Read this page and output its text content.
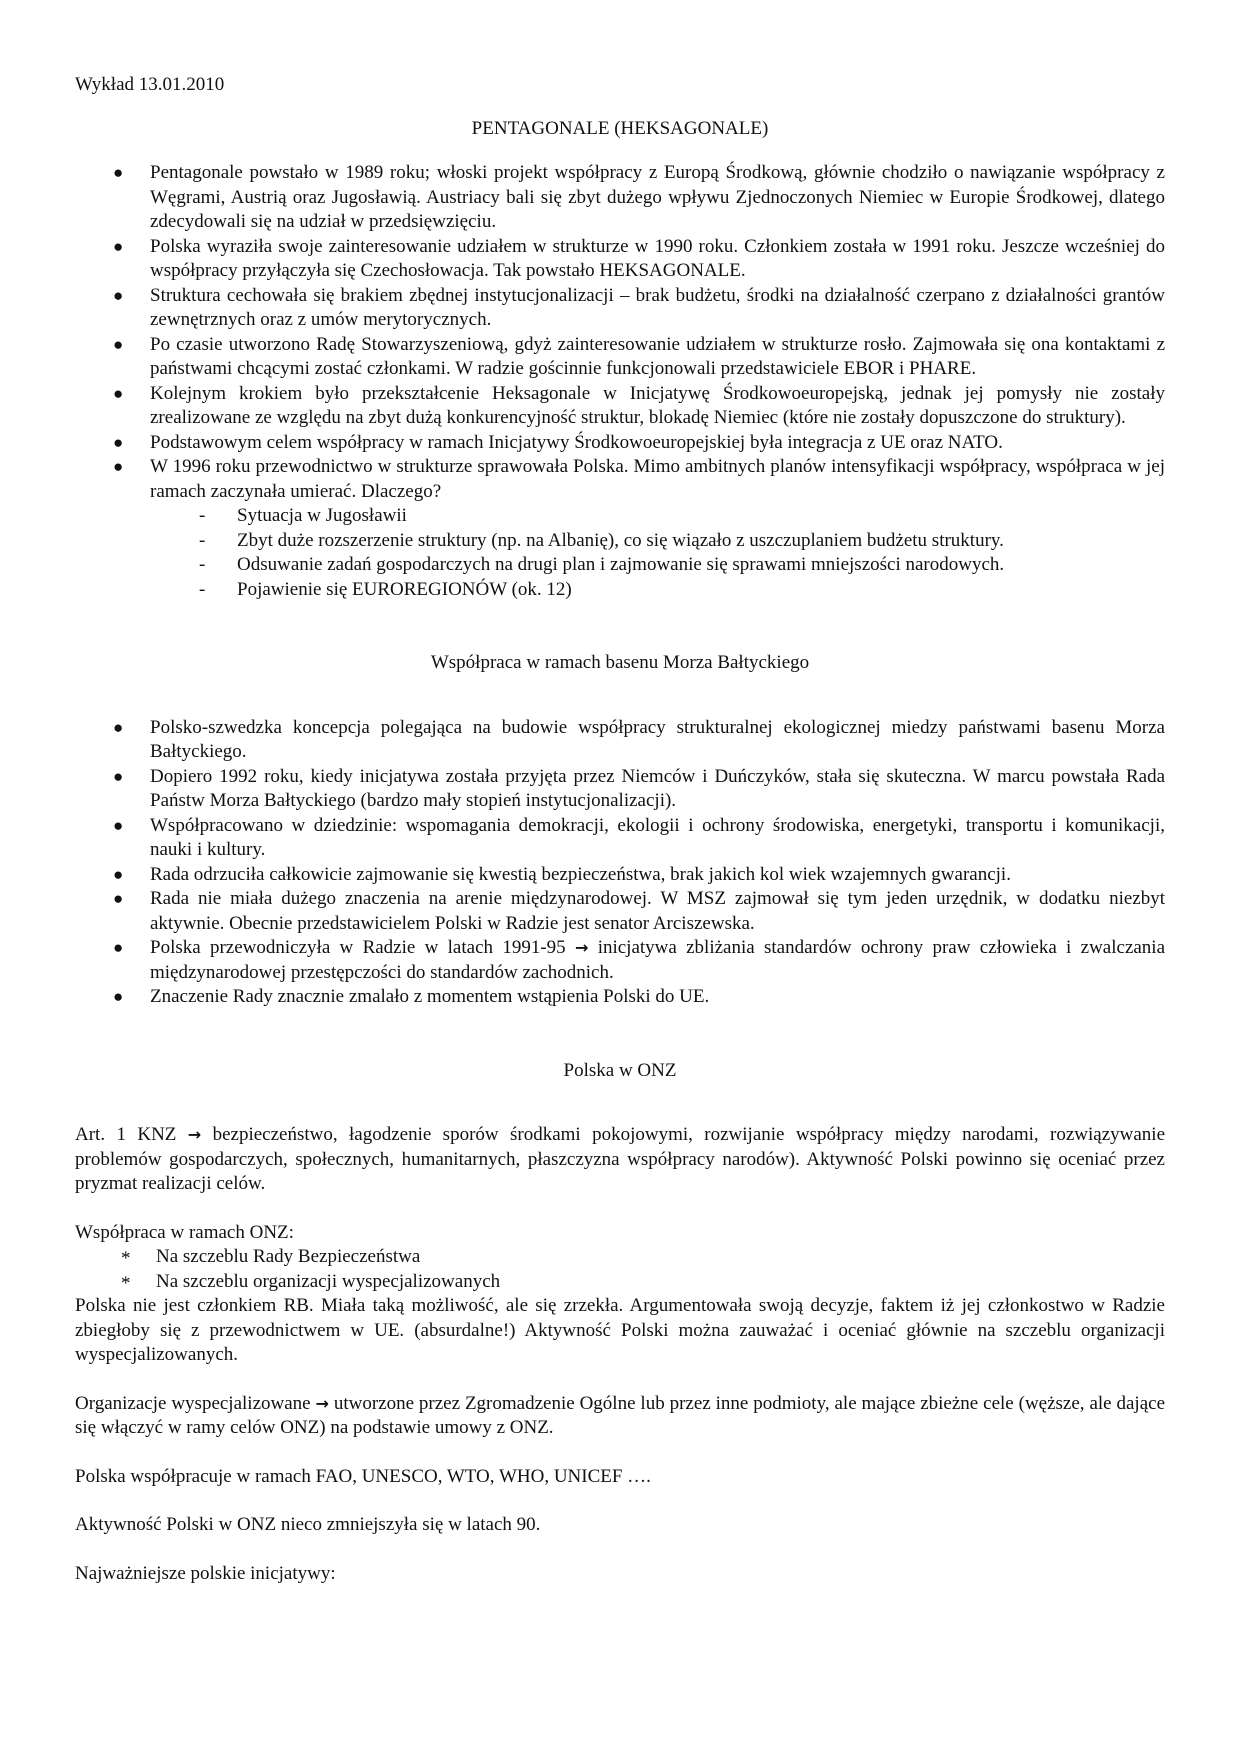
Wykład 13.01.2010
PENTAGONALE (HEKSAGONALE)
● Pentagonale powstało w 1989 roku; włoski projekt współpracy z Europą Środkową, głównie chodziło o nawiązanie współpracy z Węgrami, Austrią oraz Jugosławią. Austriacy bali się zbyt dużego wpływu Zjednoczonych Niemiec w Europie Środkowej, dlatego zdecydowali się na udział w przedsięwzięciu.
● Polska wyraziła swoje zainteresowanie udziałem w strukturze w 1990 roku. Członkiem została w 1991 roku. Jeszcze wcześniej do współpracy przyłączyła się Czechosłowacja. Tak powstało HEKSAGONALE.
● Struktura cechowała się brakiem zbędnej instytucjonalizacji – brak budżetu, środki na działalność czerpano z działalności grantów zewnętrznych oraz z umów merytorycznych.
● Po czasie utworzono Radę Stowarzyszeniową, gdyż zainteresowanie udziałem w strukturze rosło. Zajmowała się ona kontaktami z państwami chcącymi zostać członkami. W radzie gościnnie funkcjonowali przedstawiciele EBOR i PHARE.
● Kolejnym krokiem było przekształcenie Heksagonale w Inicjatywę Środkowoeuropejską, jednak jej pomysły nie zostały zrealizowane ze względu na zbyt dużą konkurencyjność struktur, blokadę Niemiec (które nie zostały dopuszczone do struktury).
● Podstawowym celem współpracy w ramach Inicjatywy Środkowoeuropejskiej była integracja z UE oraz NATO.
● W 1996 roku przewodnictwo w strukturze sprawowała Polska. Mimo ambitnych planów intensyfikacji współpracy, współpraca w jej ramach zaczynała umierać. Dlaczego?
- Sytuacja w Jugosławii
- Zbyt duże rozszerzenie struktury (np. na Albanię), co się wiązało z uszczuplaniem budżetu struktury.
- Odsuwanie zadań gospodarczych na drugi plan i zajmowanie się sprawami mniejszości narodowych.
- Pojawienie się EUROREGIONÓW (ok. 12)
Współpraca w ramach basenu Morza Bałtyckiego
● Polsko-szwedzka koncepcja polegająca na budowie współpracy strukturalnej ekologicznej miedzy państwami basenu Morza Bałtyckiego.
● Dopiero 1992 roku, kiedy inicjatywa została przyjęta przez Niemców i Duńczyków, stała się skuteczna. W marcu powstała Rada Państw Morza Bałtyckiego (bardzo mały stopień instytucjonalizacji).
● Współpracowano w dziedzinie: wspomagania demokracji, ekologii i ochrony środowiska, energetyki, transportu i komunikacji, nauki i kultury.
● Rada odrzuciła całkowicie zajmowanie się kwestią bezpieczeństwa, brak jakich kol wiek wzajemnych gwarancji.
● Rada nie miała dużego znaczenia na arenie międzynarodowej. W MSZ zajmował się tym jeden urzędnik, w dodatku niezbyt aktywnie. Obecnie przedstawicielem Polski w Radzie jest senator Arciszewska.
● Polska przewodniczyła w Radzie w latach 1991-95 → inicjatywa zbliżania standardów ochrony praw człowieka i zwalczania międzynarodowej przestępczości do standardów zachodnich.
● Znaczenie Rady znacznie zmalało z momentem wstąpienia Polski do UE.
Polska w ONZ

Art. 1 KNZ → bezpieczeństwo, łagodzenie sporów środkami pokojowymi, rozwijanie współpracy między narodami, rozwiązywanie problemów gospodarczych, społecznych, humanitarnych, płaszczyzna współpracy narodów). Aktywność Polski powinno się oceniać przez pryzmat realizacji celów.

Współpraca w ramach ONZ:

* Na szczeblu Rady Bezpieczeństwa
* Na szczeblu organizacji wyspecjalizowanych

Polska nie jest członkiem RB. Miała taką możliwość, ale się zrzekła. Argumentowała swoją decyzje, faktem iż jej członkostwo w Radzie zbiegłoby się z przewodnictwem w UE. (absurdalne!) Aktywność Polski można zauważać i oceniać głównie na szczeblu organizacji wyspecjalizowanych.

Organizacje wyspecjalizowane → utworzone przez Zgromadzenie Ogólne lub przez inne podmioty, ale mające zbieżne cele (węższe, ale dające się włączyć w ramy celów ONZ) na podstawie umowy z ONZ.

Polska współpracuje w ramach FAO, UNESCO, WTO, WHO, UNICEF ….

Aktywność Polski w ONZ nieco zmniejszyła się w latach 90.

Najważniejsze polskie inicjatywy:
